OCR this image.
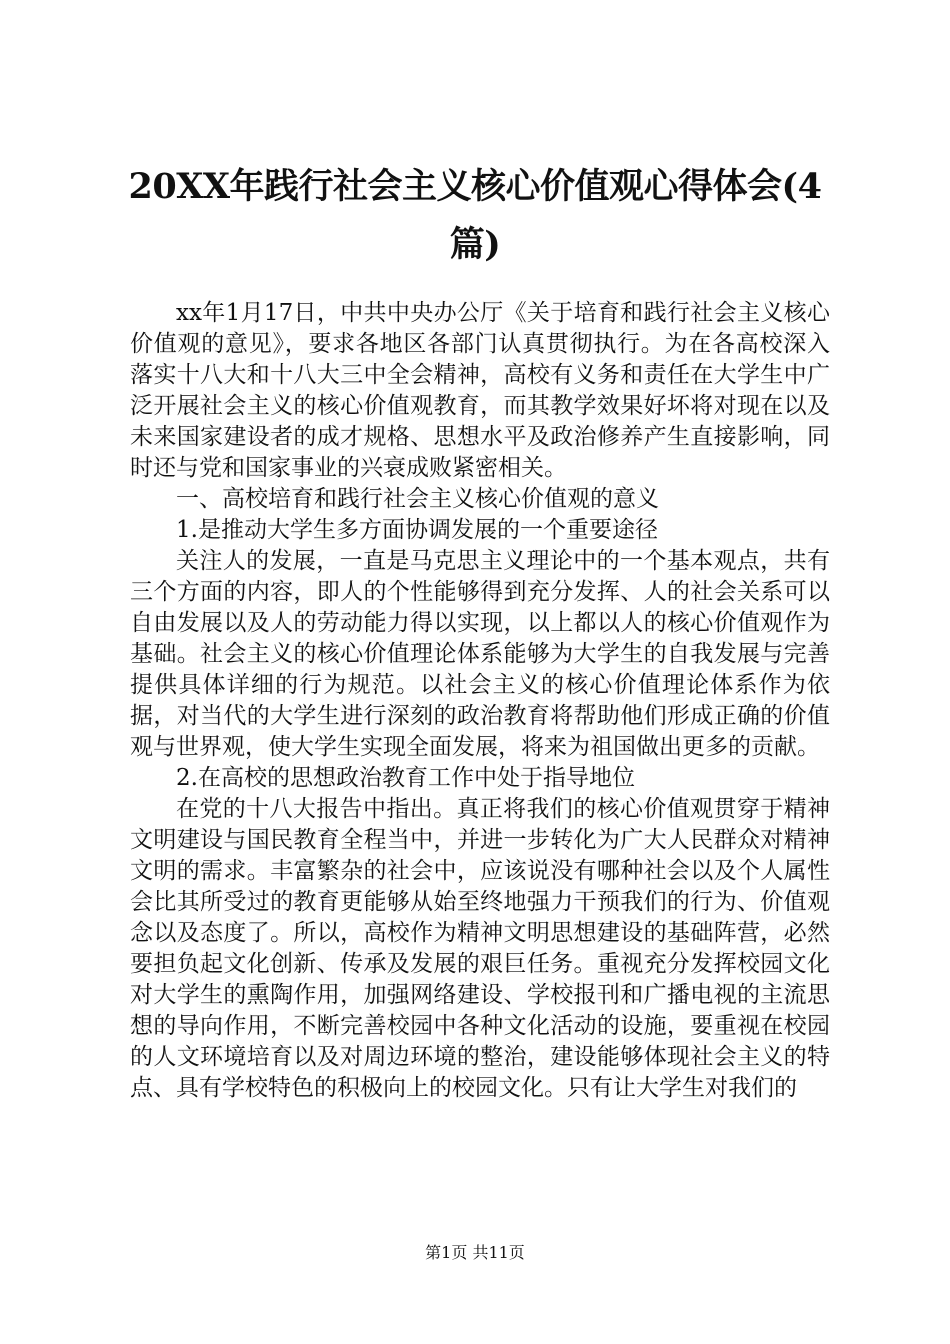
20XX年践行社会主义核心价值观心得体会(4篇)

xx年1月17日，中共中央办公厅《关于培育和践行社会主义核心价值观的意见》，要求各地区各部门认真贯彻执行。为在各高校深入落实十八大和十八大三中全会精神，高校有义务和责任在大学生中广泛开展社会主义的核心价值观教育，而其教学效果好坏将对现在以及未来国家建设者的成才规格、思想水平及政治修养产生直接影响，同时还与党和国家事业的兴衰成败紧密相关。

一、高校培育和践行社会主义核心价值观的意义

1.是推动大学生多方面协调发展的一个重要途径

关注人的发展，一直是马克思主义理论中的一个基本观点，共有三个方面的内容，即人的个性能够得到充分发挥、人的社会关系可以自由发展以及人的劳动能力得以实现，以上都以人的核心价值观作为基础。社会主义的核心价值理论体系能够为大学生的自我发展与完善提供具体详细的行为规范。以社会主义的核心价值理论体系作为依据，对当代的大学生进行深刻的政治教育将帮助他们形成正确的价值观与世界观，使大学生实现全面发展，将来为祖国做出更多的贡献。

2.在高校的思想政治教育工作中处于指导地位

在党的十八大报告中指出。真正将我们的核心价值观贯穿于精神文明建设与国民教育全程当中，并进一步转化为广大人民群众对精神文明的需求。丰富繁杂的社会中，应该说没有哪种社会以及个人属性会比其所受过的教育更能够从始至终地强力干预我们的行为、价值观念以及态度了。所以，高校作为精神文明思想建设的基础阵营，必然要担负起文化创新、传承及发展的艰巨任务。重视充分发挥校园文化对大学生的熏陶作用，加强网络建设、学校报刊和广播电视的主流思想的导向作用，不断完善校园中各种文化活动的设施，要重视在校园的人文环境培育以及对周边环境的整治，建设能够体现社会主义的特点、具有学校特色的积极向上的校园文化。只有让大学生对我们的

第1页 共11页
